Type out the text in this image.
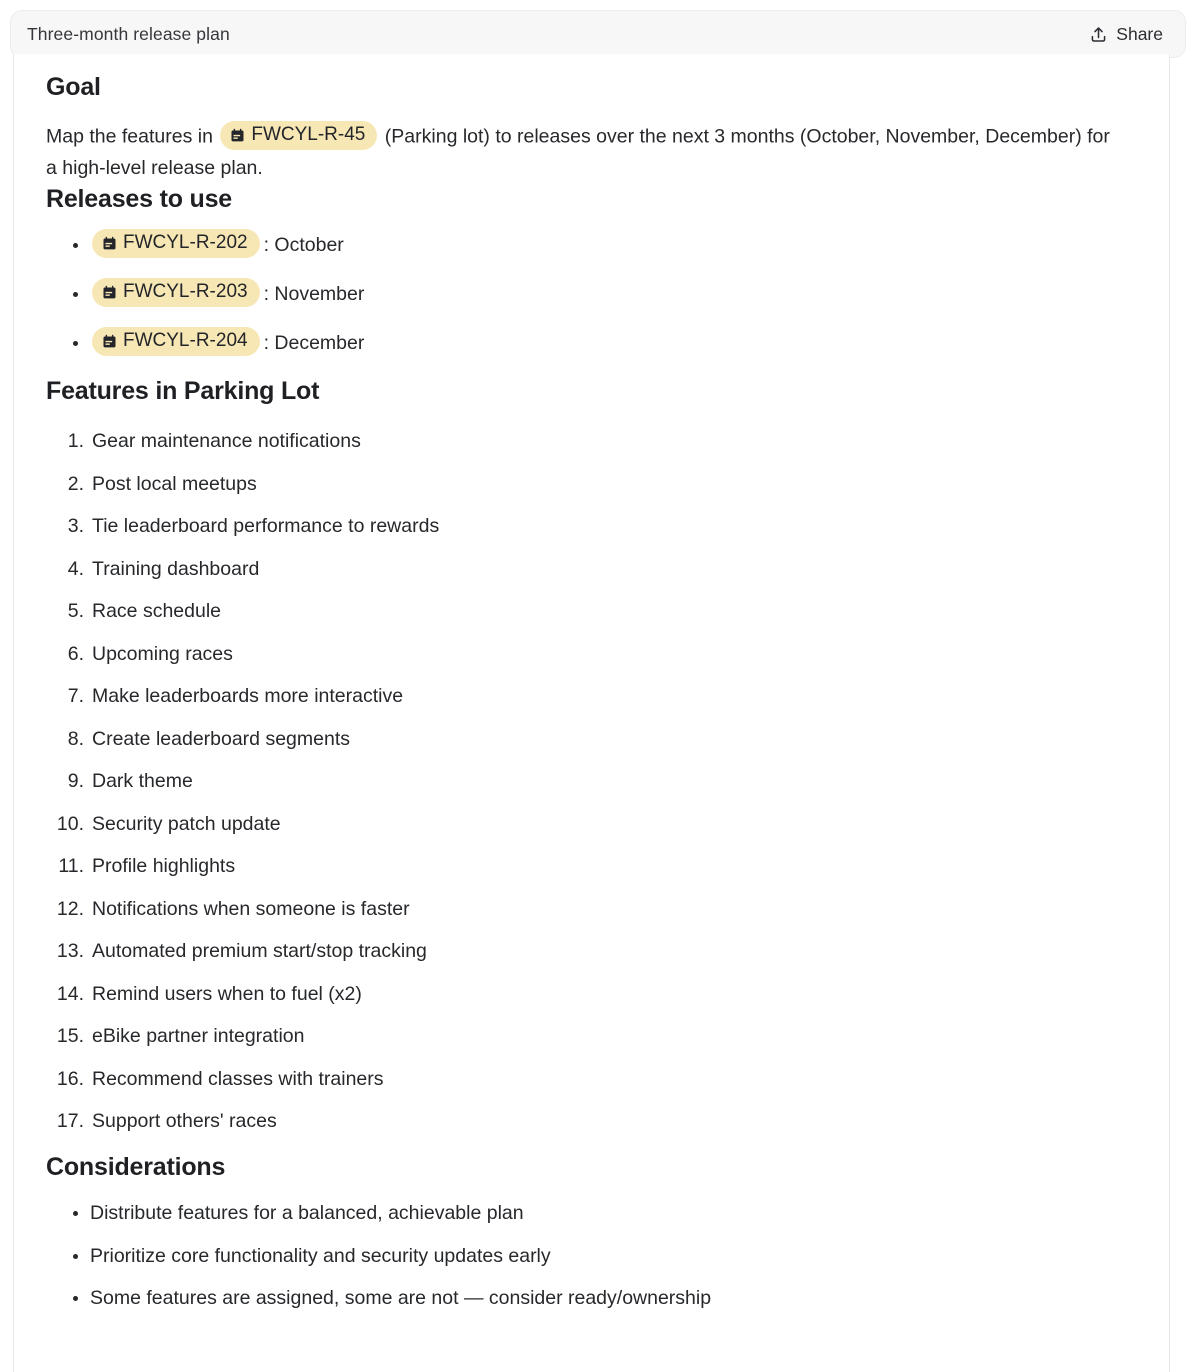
Three-month release plan	Share
Goal

Map the features in FWCYL-R-45 (Parking lot) to releases over the next 3 months (October, November, December) for a high-level release plan.

Releases to use
• FWCYL-R-202 : October
• FWCYL-R-203 : November
• FWCYL-R-204 : December
Features in Parking Lot
Gear maintenance notifications
Post local meetups
Tie leaderboard performance to rewards
Training dashboard
Race schedule
Upcoming races
Make leaderboards more interactive
Create leaderboard segments
Dark theme
Security patch update
Profile highlights
Notifications when someone is faster
Automated premium start/stop tracking
Remind users when to fuel (x2)
eBike partner integration
Recommend classes with trainers
Support others' races
Considerations
• Distribute features for a balanced, achievable plan
• Prioritize core functionality and security updates early
• Some features are assigned, some are not — consider ready/ownership
